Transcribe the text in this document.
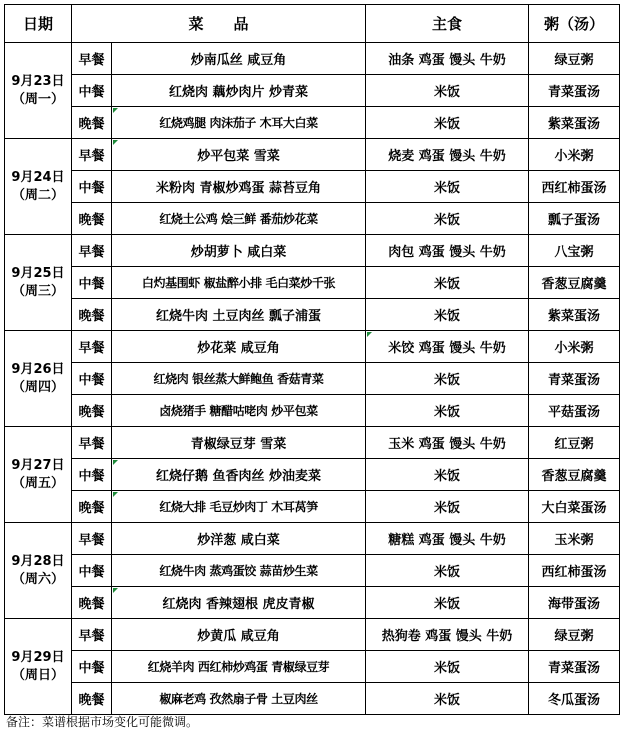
日期	菜　　品		主食	粥（汤）

9月23日
（周一）	早餐	炒南瓜丝 咸豆角	油条 鸡蛋 馒头 牛奶	绿豆粥
	中餐	红烧肉 藕炒肉片 炒青菜	米饭	青菜蛋汤
	晚餐	红烧鸡腿 肉沫茄子 木耳大白菜	米饭	紫菜蛋汤

9月24日
（周二）	早餐	炒平包菜 雪菜	烧麦 鸡蛋 馒头 牛奶	小米粥
	中餐	米粉肉 青椒炒鸡蛋 蒜苔豆角	米饭	西红柿蛋汤
	晚餐	红烧土公鸡 烩三鲜 番茄炒花菜	米饭	瓢子蛋汤

9月25日
（周三）	早餐	炒胡萝卜 咸白菜	肉包 鸡蛋 馒头 牛奶	八宝粥
	中餐	白灼基围虾 椒盐醉小排 毛白菜炒千张	米饭	香葱豆腐羹
	晚餐	红烧牛肉 土豆肉丝 瓢子浦蛋	米饭	紫菜蛋汤

9月26日
（周四）	早餐	炒花菜 咸豆角	米饺 鸡蛋 馒头 牛奶	小米粥
	中餐	红烧肉 银丝蒸大鲜鲍鱼 香菇青菜	米饭	青菜蛋汤
	晚餐	卤烧猪手 糖醋咕咾肉 炒平包菜	米饭	平菇蛋汤

9月27日
（周五）	早餐	青椒绿豆芽 雪菜	玉米 鸡蛋 馒头 牛奶	红豆粥
	中餐	红烧仔鹅 鱼香肉丝 炒油麦菜	米饭	香葱豆腐羹
	晚餐	红烧大排 毛豆炒肉丁 木耳莴笋	米饭	大白菜蛋汤

9月28日
（周六）	早餐	炒洋葱 咸白菜	糖糕 鸡蛋 馒头 牛奶	玉米粥
	中餐	红烧牛肉 蒸鸡蛋饺 蒜苗炒生菜	米饭	西红柿蛋汤
	晚餐	红烧肉 香辣翅根 虎皮青椒	米饭	海带蛋汤

9月29日
（周日）	早餐	炒黄瓜 咸豆角	热狗卷 鸡蛋 馒头 牛奶	绿豆粥
	中餐	红烧羊肉 西红柿炒鸡蛋 青椒绿豆芽	米饭	青菜蛋汤
	晚餐	椒麻老鸡 孜然扇子骨 土豆肉丝	米饭	冬瓜蛋汤
备注：菜谱根据市场变化可能微调。
